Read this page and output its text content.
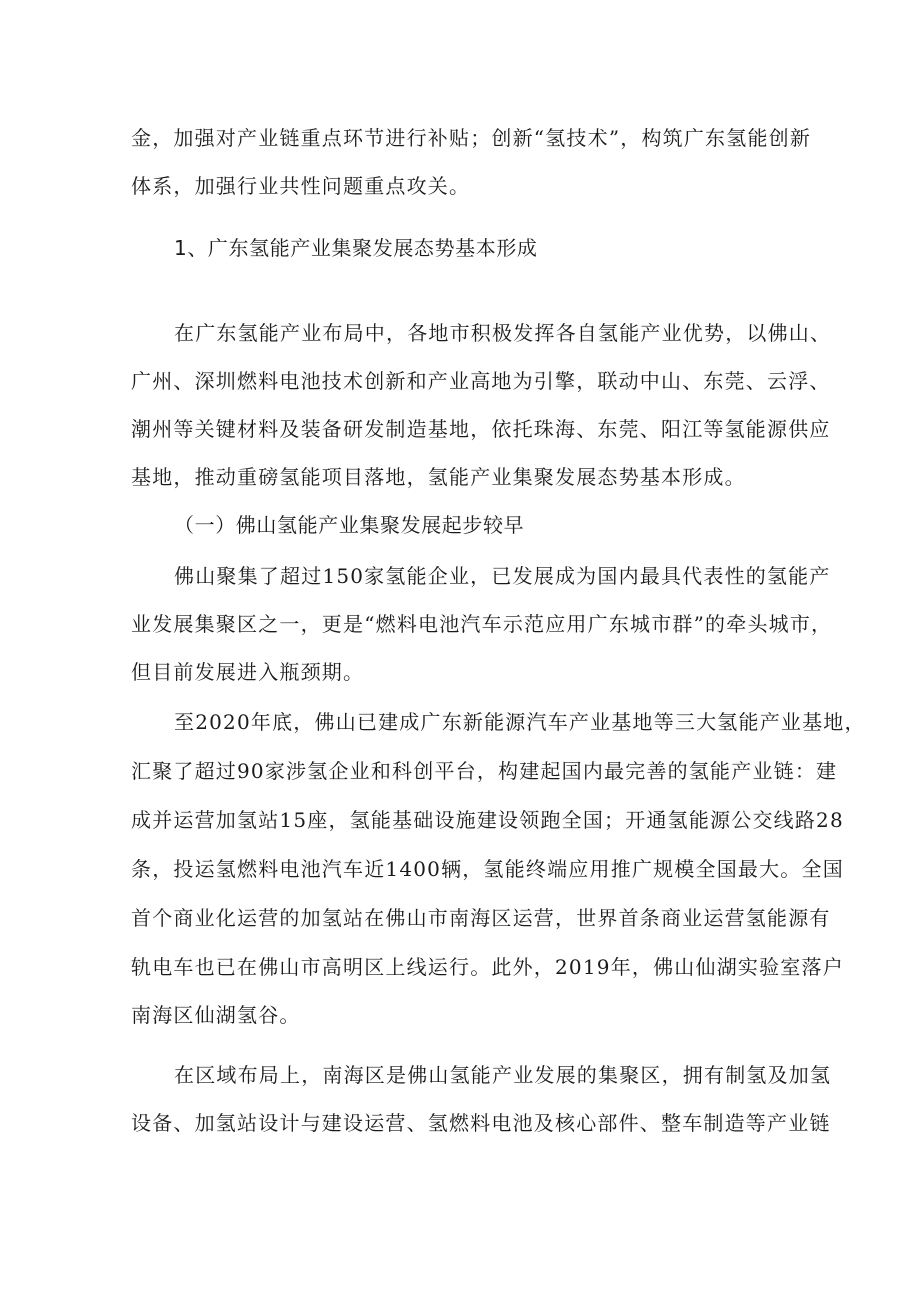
金，加强对产业链重点环节进行补贴；创新“氢技术”，构筑广东氢能创新
体系，加强行业共性问题重点攻关。
1、广东氢能产业集聚发展态势基本形成
在广东氢能产业布局中，各地市积极发挥各自氢能产业优势，以佛山、
广州、深圳燃料电池技术创新和产业高地为引擎，联动中山、东莞、云浮、
潮州等关键材料及装备研发制造基地，依托珠海、东莞、阳江等氢能源供应
基地，推动重磅氢能项目落地，氢能产业集聚发展态势基本形成。
（一）佛山氢能产业集聚发展起步较早
佛山聚集了超过150家氢能企业，已发展成为国内最具代表性的氢能产
业发展集聚区之一，更是“燃料电池汽车示范应用广东城市群”的牵头城市，
但目前发展进入瓶颈期。
至2020年底，佛山已建成广东新能源汽车产业基地等三大氢能产业基地，
汇聚了超过90家涉氢企业和科创平台，构建起国内最完善的氢能产业链：建
成并运营加氢站15座，氢能基础设施建设领跑全国；开通氢能源公交线路28
条，投运氢燃料电池汽车近1400辆，氢能终端应用推广规模全国最大。全国
首个商业化运营的加氢站在佛山市南海区运营，世界首条商业运营氢能源有
轨电车也已在佛山市高明区上线运行。此外，2019年，佛山仙湖实验室落户
南海区仙湖氢谷。
在区域布局上，南海区是佛山氢能产业发展的集聚区，拥有制氢及加氢
设备、加氢站设计与建设运营、氢燃料电池及核心部件、整车制造等产业链
